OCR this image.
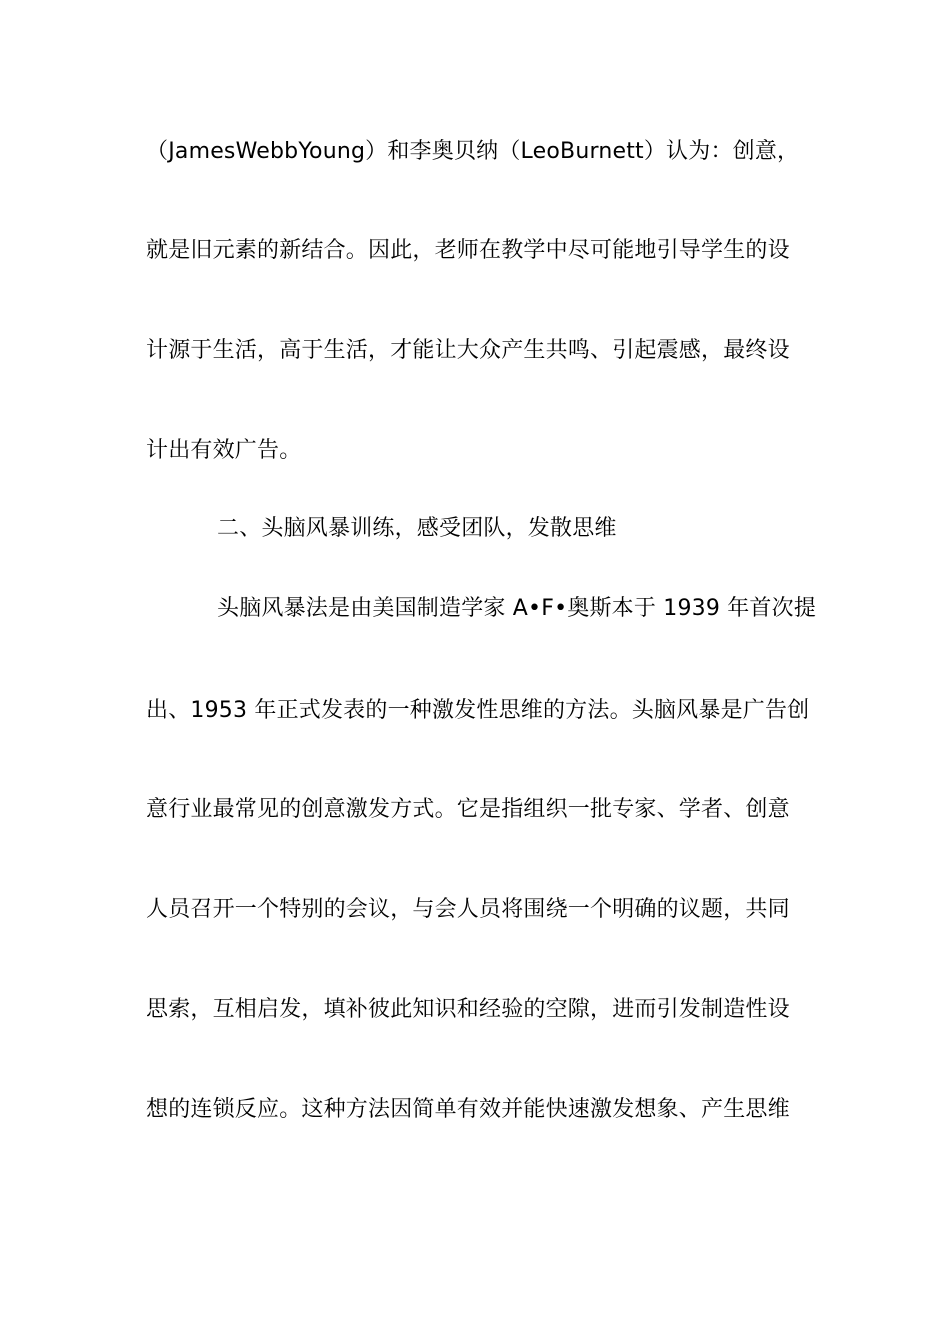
（JamesWebbYoung）和李奥贝纳（LeoBurnett）认为：创意，
就是旧元素的新结合。因此，老师在教学中尽可能地引导学生的设
计源于生活，高于生活，才能让大众产生共鸣、引起震感，最终设
计出有效广告。
二、头脑风暴训练，感受团队，发散思维
头脑风暴法是由美国制造学家 A•F•奥斯本于 1939 年首次提
出、1953 年正式发表的一种激发性思维的方法。头脑风暴是广告创
意行业最常见的创意激发方式。它是指组织一批专家、学者、创意
人员召开一个特别的会议，与会人员将围绕一个明确的议题，共同
思索，互相启发，填补彼此知识和经验的空隙，进而引发制造性设
想的连锁反应。这种方法因简单有效并能快速激发想象、产生思维
